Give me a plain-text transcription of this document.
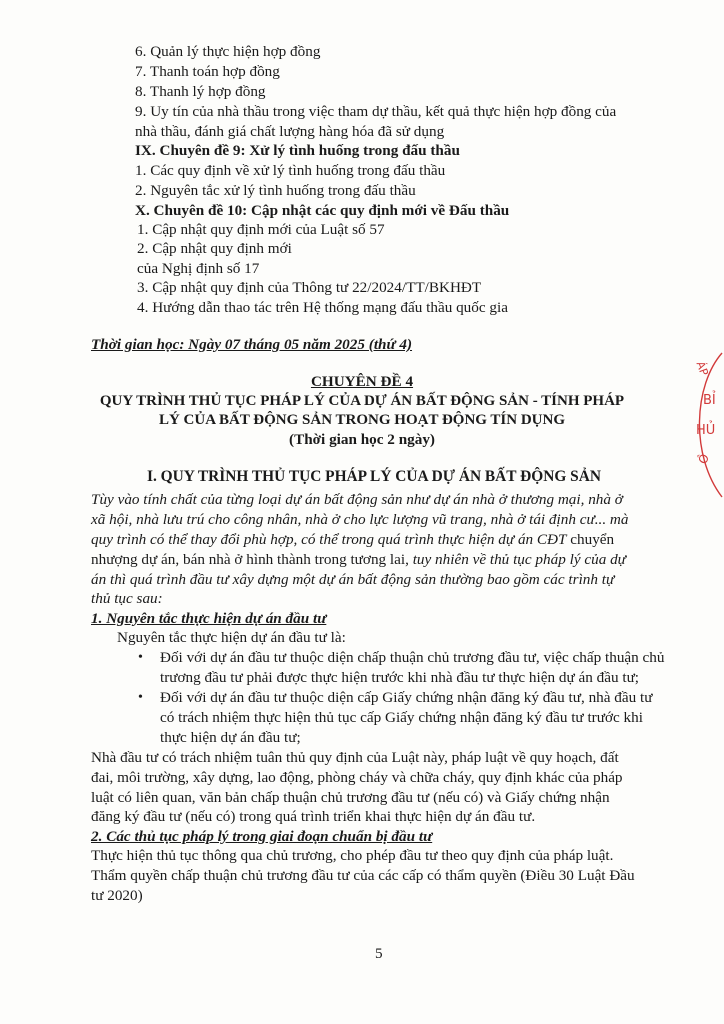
6. Quản lý thực hiện hợp đồng
7. Thanh toán hợp đồng
8. Thanh lý hợp đồng
9. Uy tín của nhà thầu trong việc tham dự thầu, kết quả thực hiện hợp đồng của
nhà thầu, đánh giá chất lượng hàng hóa đã sử dụng
IX. Chuyên đề 9: Xử lý tình huống trong đấu thầu
1. Các quy định về xử lý tình huống trong đấu thầu
2. Nguyên tắc xử lý tình huống trong đấu thầu
X. Chuyên đề 10: Cập nhật các quy định mới về Đấu thầu
1. Cập nhật quy định mới của Luật số 57
2. Cập nhật quy định mới
của Nghị định số 17
3. Cập nhật quy định của Thông tư 22/2024/TT/BKHĐT
4. Hướng dẫn thao tác trên Hệ thống mạng đấu thầu quốc gia
Thời gian học: Ngày 07 tháng 05 năm 2025 (thứ 4)
CHUYÊN ĐỀ 4
QUY TRÌNH THỦ TỤC PHÁP LÝ CỦA DỰ ÁN BẤT ĐỘNG SẢN - TÍNH PHÁP
LÝ CỦA BẤT ĐỘNG SẢN TRONG HOẠT ĐỘNG TÍN DỤNG
(Thời gian học 2 ngày)
I. QUY TRÌNH THỦ TỤC PHÁP LÝ CỦA DỰ ÁN BẤT ĐỘNG SẢN
Tùy vào tính chất của từng loại dự án bất động sản như dự án nhà ở thương mại, nhà ở
xã hội, nhà lưu trú cho công nhân, nhà ở cho lực lượng vũ trang, nhà ở tái định cư... mà
quy trình có thể thay đổi phù hợp, có thể trong quá trình thực hiện dự án CĐT chuyển
nhượng dự án, bán nhà ở hình thành trong tương lai, tuy nhiên về thủ tục pháp lý của dự
án thì quá trình đầu tư xây dựng một dự án bất động sản thường bao gồm các trình tự
thủ tục sau:
1. Nguyên tắc thực hiện dự án đầu tư
Nguyên tắc thực hiện dự án đầu tư là:
• Đối với dự án đầu tư thuộc diện chấp thuận chủ trương đầu tư, việc chấp thuận chủ
trương đầu tư phải được thực hiện trước khi nhà đầu tư thực hiện dự án đầu tư;
• Đối với dự án đầu tư thuộc diện cấp Giấy chứng nhận đăng ký đầu tư, nhà đầu tư
có trách nhiệm thực hiện thủ tục cấp Giấy chứng nhận đăng ký đầu tư trước khi
thực hiện dự án đầu tư;
Nhà đầu tư có trách nhiệm tuân thủ quy định của Luật này, pháp luật về quy hoạch, đất
đai, môi trường, xây dựng, lao động, phòng cháy và chữa cháy, quy định khác của pháp
luật có liên quan, văn bản chấp thuận chủ trương đầu tư (nếu có) và Giấy chứng nhận
đăng ký đầu tư (nếu có) trong quá trình triển khai thực hiện dự án đầu tư.
2. Các thủ tục pháp lý trong giai đoạn chuẩn bị đầu tư
Thực hiện thủ tục thông qua chủ trương, cho phép đầu tư theo quy định của pháp luật.
Thẩm quyền chấp thuận chủ trương đầu tư của các cấp có thẩm quyền (Điều 30 Luật Đầu
tư 2020)
5
ÁP
BỈ
HỦ
Ô
